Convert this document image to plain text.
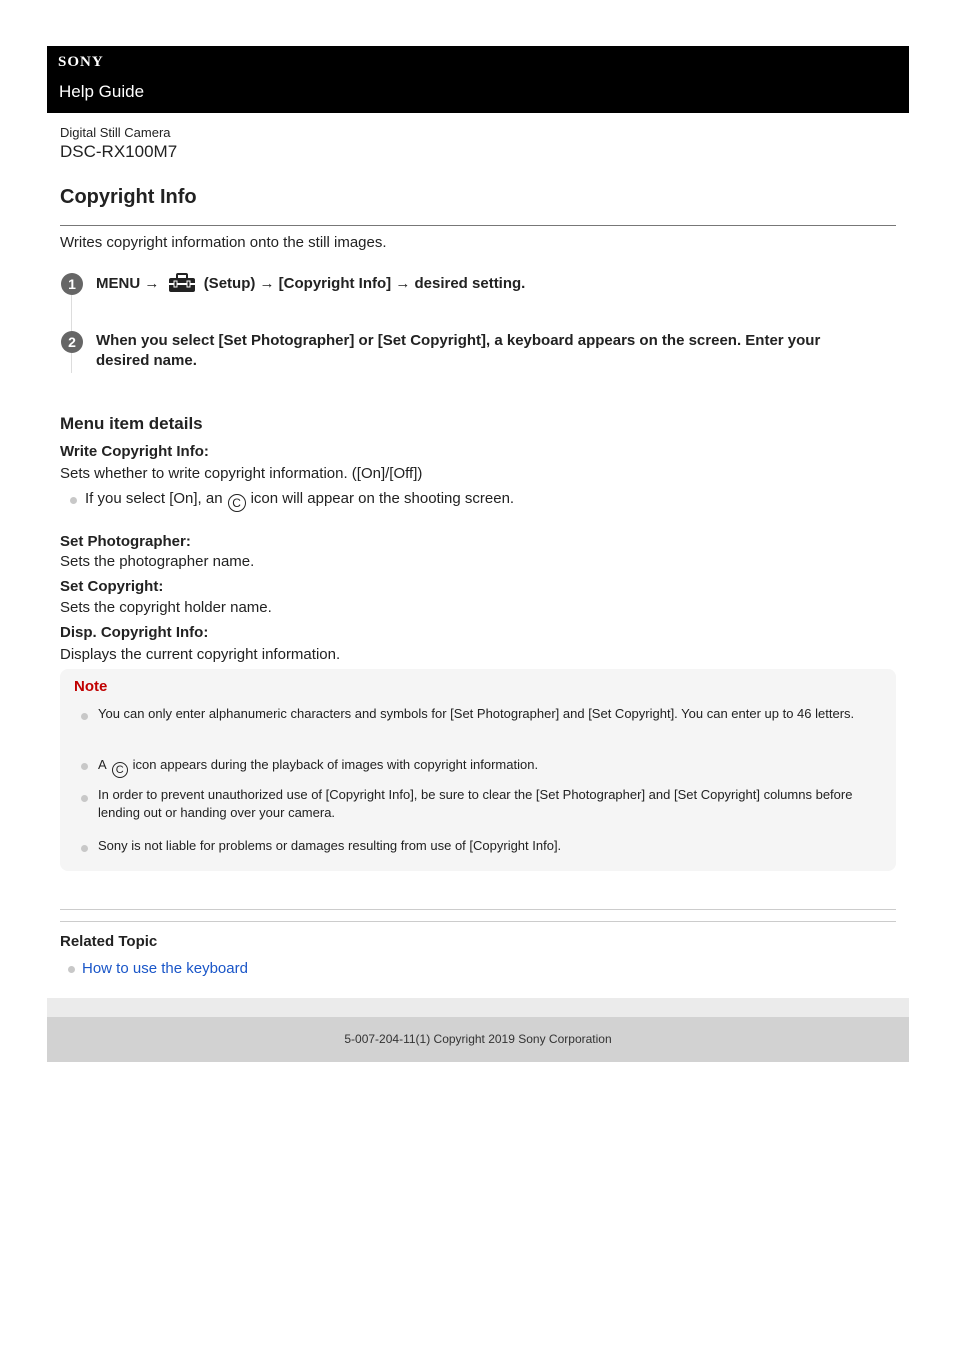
SONY
Help Guide
Digital Still Camera
DSC-RX100M7
Copyright Info
Writes copyright information onto the still images.
1	MENU →	(Setup) → [Copyright Info] → desired setting.
2	When you select [Set Photographer] or [Set Copyright], a keyboard appears on the screen. Enter your desired name.
Menu item details
Write Copyright Info:
Sets whether to write copyright information. ([On]/[Off])
If you select [On], an C icon will appear on the shooting screen.
Set Photographer:
Sets the photographer name.
Set Copyright:
Sets the copyright holder name.
Disp. Copyright Info:
Displays the current copyright information.
Note
You can only enter alphanumeric characters and symbols for [Set Photographer] and [Set Copyright]. You can enter up to 46 letters.
A C icon appears during the playback of images with copyright information.
In order to prevent unauthorized use of [Copyright Info], be sure to clear the [Set Photographer] and [Set Copyright] columns before lending out or handing over your camera.
Sony is not liable for problems or damages resulting from use of [Copyright Info].
Related Topic
How to use the keyboard
5-007-204-11(1) Copyright 2019 Sony Corporation
